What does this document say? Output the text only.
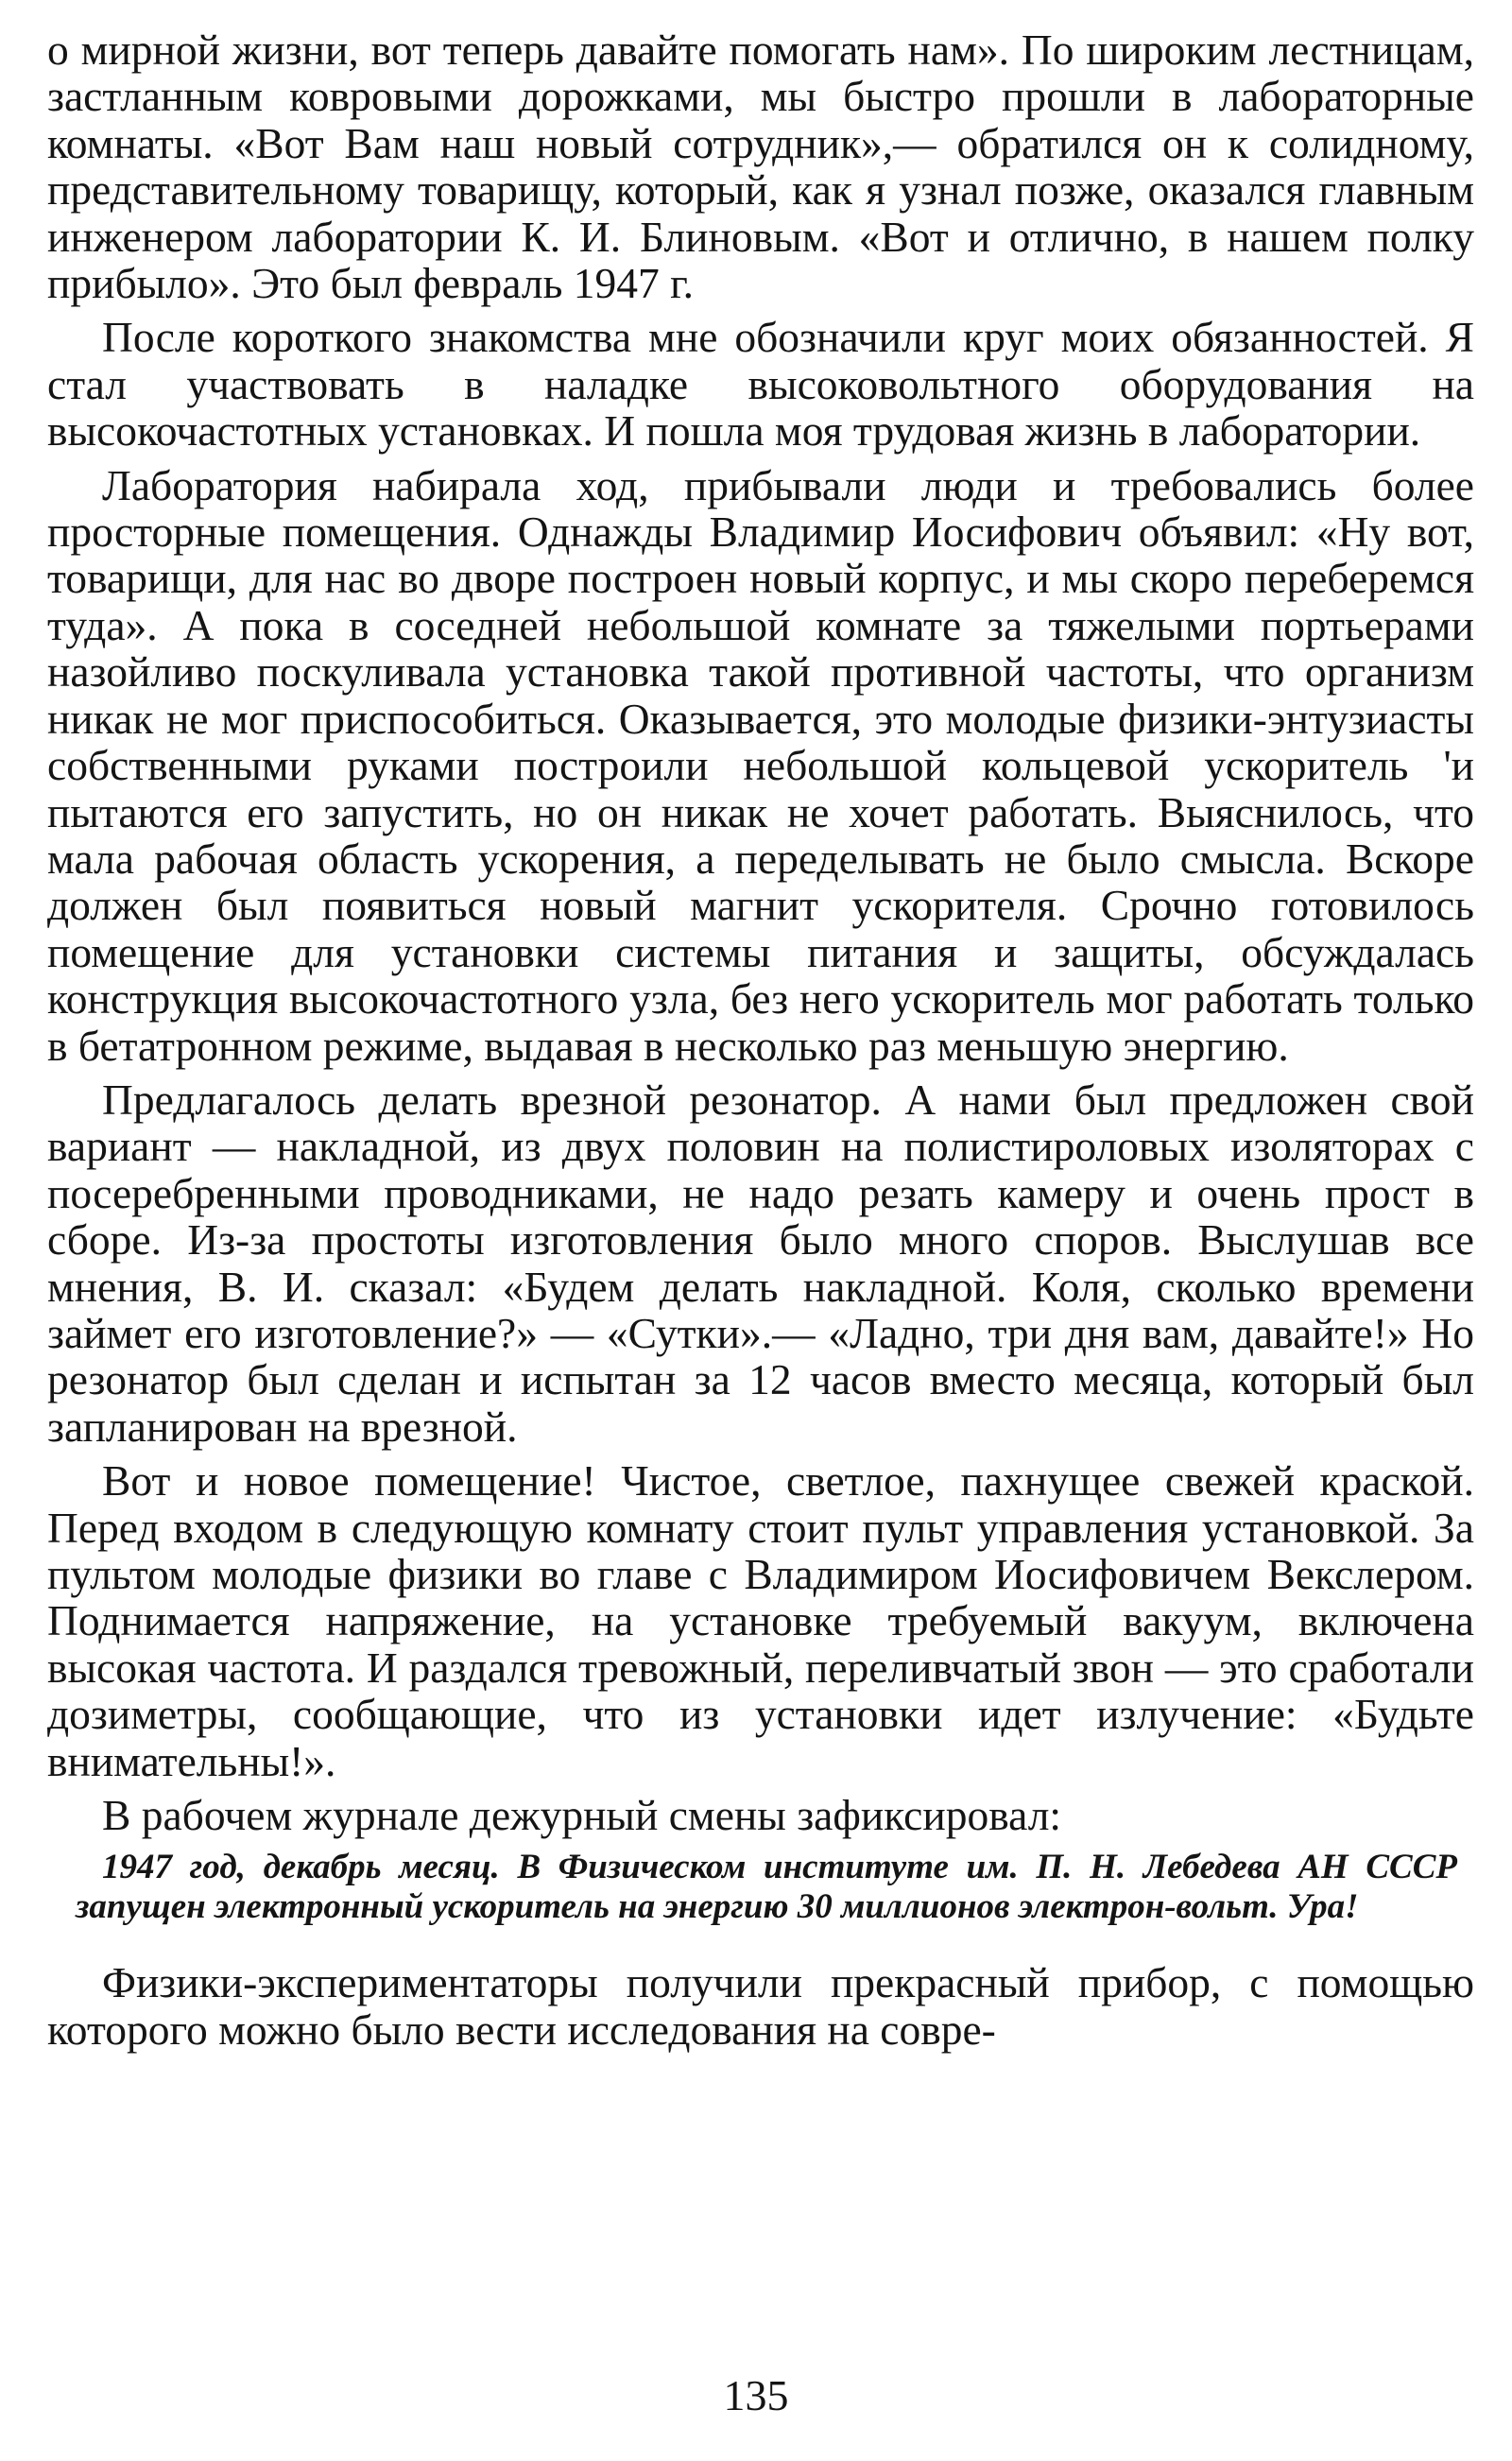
о мирной жизни, вот теперь давайте помогать нам». По широким лестницам, застланным ковровыми дорожками, мы быстро прошли в лабораторные комнаты. «Вот Вам наш новый сотрудник»,— обратился он к солидному, представительному товарищу, который, как я узнал позже, оказался главным инженером лаборатории К. И. Блиновым. «Вот и отлично, в нашем полку прибыло». Это был февраль 1947 г.

После короткого знакомства мне обозначили круг моих обязанностей. Я стал участвовать в наладке высоковольтного оборудования на высокочастотных установках. И пошла моя трудовая жизнь в лаборатории.

Лаборатория набирала ход, прибывали люди и требовались более просторные помещения. Однажды Владимир Иосифович объявил: «Ну вот, товарищи, для нас во дворе построен новый корпус, и мы скоро переберемся туда». А пока в соседней небольшой комнате за тяжелыми портьерами назойливо поскуливала установка такой противной частоты, что организм никак не мог приспособиться. Оказывается, это молодые физики-энтузиасты собственными руками построили небольшой кольцевой ускоритель 'и пытаются его запустить, но он никак не хочет работать. Выяснилось, что мала рабочая область ускорения, а переделывать не было смысла. Вскоре должен был появиться новый магнит ускорителя. Срочно готовилось помещение для установки системы питания и защиты, обсуждалась конструкция высокочастотного узла, без него ускоритель мог работать только в бетатронном режиме, выдавая в несколько раз меньшую энергию.

Предлагалось делать врезной резонатор. А нами был предложен свой вариант — накладной, из двух половин на полистироловых изоляторах с посеребренными проводниками, не надо резать камеру и очень прост в сборе. Из-за простоты изготовления было много споров. Выслушав все мнения, В. И. сказал: «Будем делать накладной. Коля, сколько времени займет его изготовление?» — «Сутки».— «Ладно, три дня вам, давайте!» Но резонатор был сделан и испытан за 12 часов вместо месяца, который был запланирован на врезной.

Вот и новое помещение! Чистое, светлое, пахнущее свежей краской. Перед входом в следующую комнату стоит пульт управления установкой. За пультом молодые физики во главе с Владимиром Иосифовичем Векслером. Поднимается напряжение, на установке требуемый вакуум, включена высокая частота. И раздался тревожный, переливчатый звон — это сработали дозиметры, сообщающие, что из установки идет излучение: «Будьте внимательны!».

В рабочем журнале дежурный смены зафиксировал:

1947 год, декабрь месяц. В Физическом институте им. П. Н. Лебедева АН СССР запущен электронный ускоритель на энергию 30 миллионов электрон-вольт. Ура!

Физики-экспериментаторы получили прекрасный прибор, с помощью которого можно было вести исследования на совре-

135
